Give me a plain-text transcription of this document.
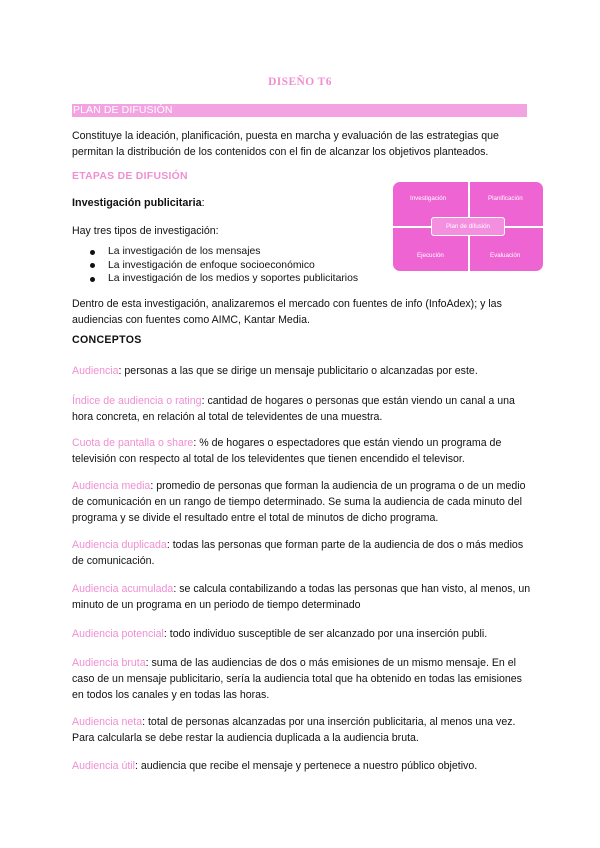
DISEÑO T6
PLAN DE DIFUSIÓN

Constituye la ideación, planificación, puesta en marcha y evaluación de las estrategias que permitan la distribución de los contenidos con el fin de alcanzar los objetivos planteados.

ETAPAS DE DIFUSIÓN
Investigación publicitaria:
Hay tres tipos de investigación:
La investigación de los mensajes
La investigación de enfoque socioeconómico
La investigación de los medios y soportes publicitarios

Dentro de esta investigación, analizaremos el mercado con fuentes de info (InfoAdex); y las audiencias con fuentes como AIMC, Kantar Media.

Investigación	Planificación
Ejecución	Evaluación
Plan de difusión
CONCEPTOS

Audiencia: personas a las que se dirige un mensaje publicitario o alcanzadas por este.

Índice de audiencia o rating: cantidad de hogares o personas que están viendo un canal a una hora concreta, en relación al total de televidentes de una muestra.

Cuota de pantalla o share: % de hogares o espectadores que están viendo un programa de televisión con respecto al total de los televidentes que tienen encendido el televisor.

Audiencia media: promedio de personas que forman la audiencia de un programa o de un medio de comunicación en un rango de tiempo determinado. Se suma la audiencia de cada minuto del programa y se divide el resultado entre el total de minutos de dicho programa.

Audiencia duplicada: todas las personas que forman parte de la audiencia de dos o más medios de comunicación.

Audiencia acumulada: se calcula contabilizando a todas las personas que han visto, al menos, un minuto de un programa en un periodo de tiempo determinado

Audiencia potencial: todo individuo susceptible de ser alcanzado por una inserción publi.

Audiencia bruta: suma de las audiencias de dos o más emisiones de un mismo mensaje. En el caso de un mensaje publicitario, sería la audiencia total que ha obtenido en todas las emisiones en todos los canales y en todas las horas.

Audiencia neta: total de personas alcanzadas por una inserción publicitaria, al menos una vez. Para calcularla se debe restar la audiencia duplicada a la audiencia bruta.

Audiencia útil: audiencia que recibe el mensaje y pertenece a nuestro público objetivo.
